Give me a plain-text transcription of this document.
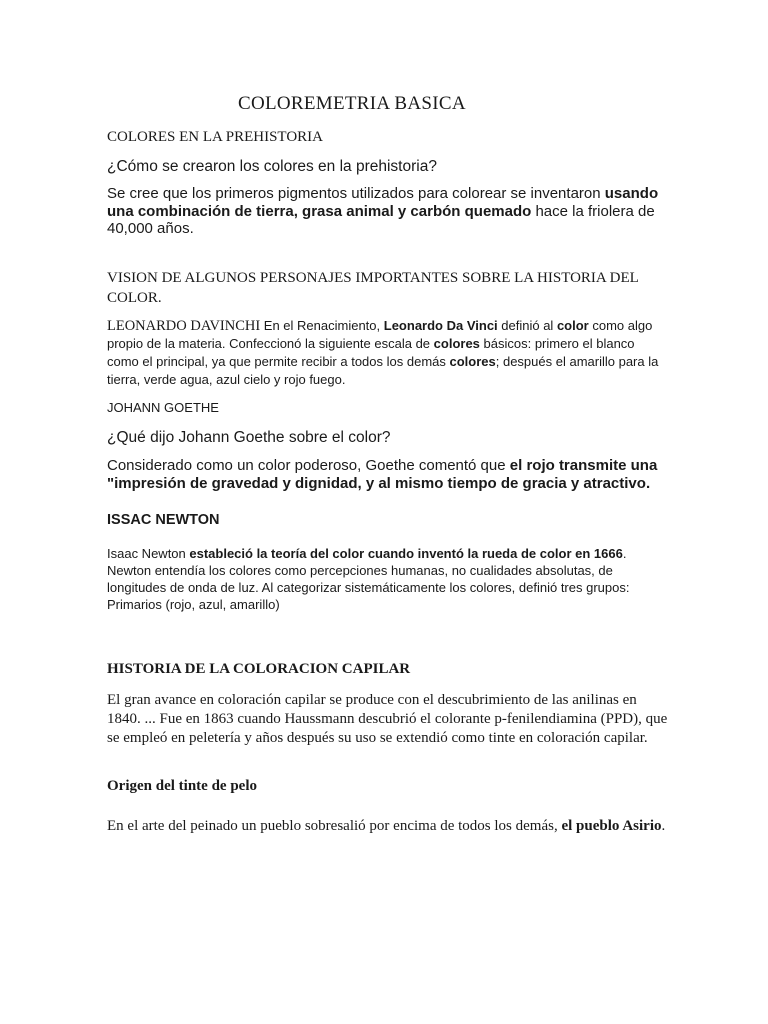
COLOREMETRIA BASICA

COLORES EN LA PREHISTORIA

¿Cómo se crearon los colores en la prehistoria?

Se cree que los primeros pigmentos utilizados para colorear se inventaron usando una combinación de tierra, grasa animal y carbón quemado hace la friolera de 40,000 años.

VISION DE ALGUNOS PERSONAJES IMPORTANTES SOBRE LA HISTORIA DEL COLOR.

LEONARDO DAVINCHI En el Renacimiento, Leonardo Da Vinci definió al color como algo propio de la materia. Confeccionó la siguiente escala de colores básicos: primero el blanco como el principal, ya que permite recibir a todos los demás colores; después el amarillo para la tierra, verde agua, azul cielo y rojo fuego.

JOHANN GOETHE

¿Qué dijo Johann Goethe sobre el color?

Considerado como un color poderoso, Goethe comentó que el rojo transmite una "impresión de gravedad y dignidad, y al mismo tiempo de gracia y atractivo.

ISSAC NEWTON

Isaac Newton estableció la teoría del color cuando inventó la rueda de color en 1666. Newton entendía los colores como percepciones humanas, no cualidades absolutas, de longitudes de onda de luz. Al categorizar sistemáticamente los colores, definió tres grupos: Primarios (rojo, azul, amarillo)

HISTORIA DE LA COLORACION CAPILAR

El gran avance en coloración capilar se produce con el descubrimiento de las anilinas en 1840. ... Fue en 1863 cuando Haussmann descubrió el colorante p-fenilendiamina (PPD), que se empleó en peletería y años después su uso se extendió como tinte en coloración capilar.

Origen del tinte de pelo

En el arte del peinado un pueblo sobresalió por encima de todos los demás, el pueblo Asirio.
